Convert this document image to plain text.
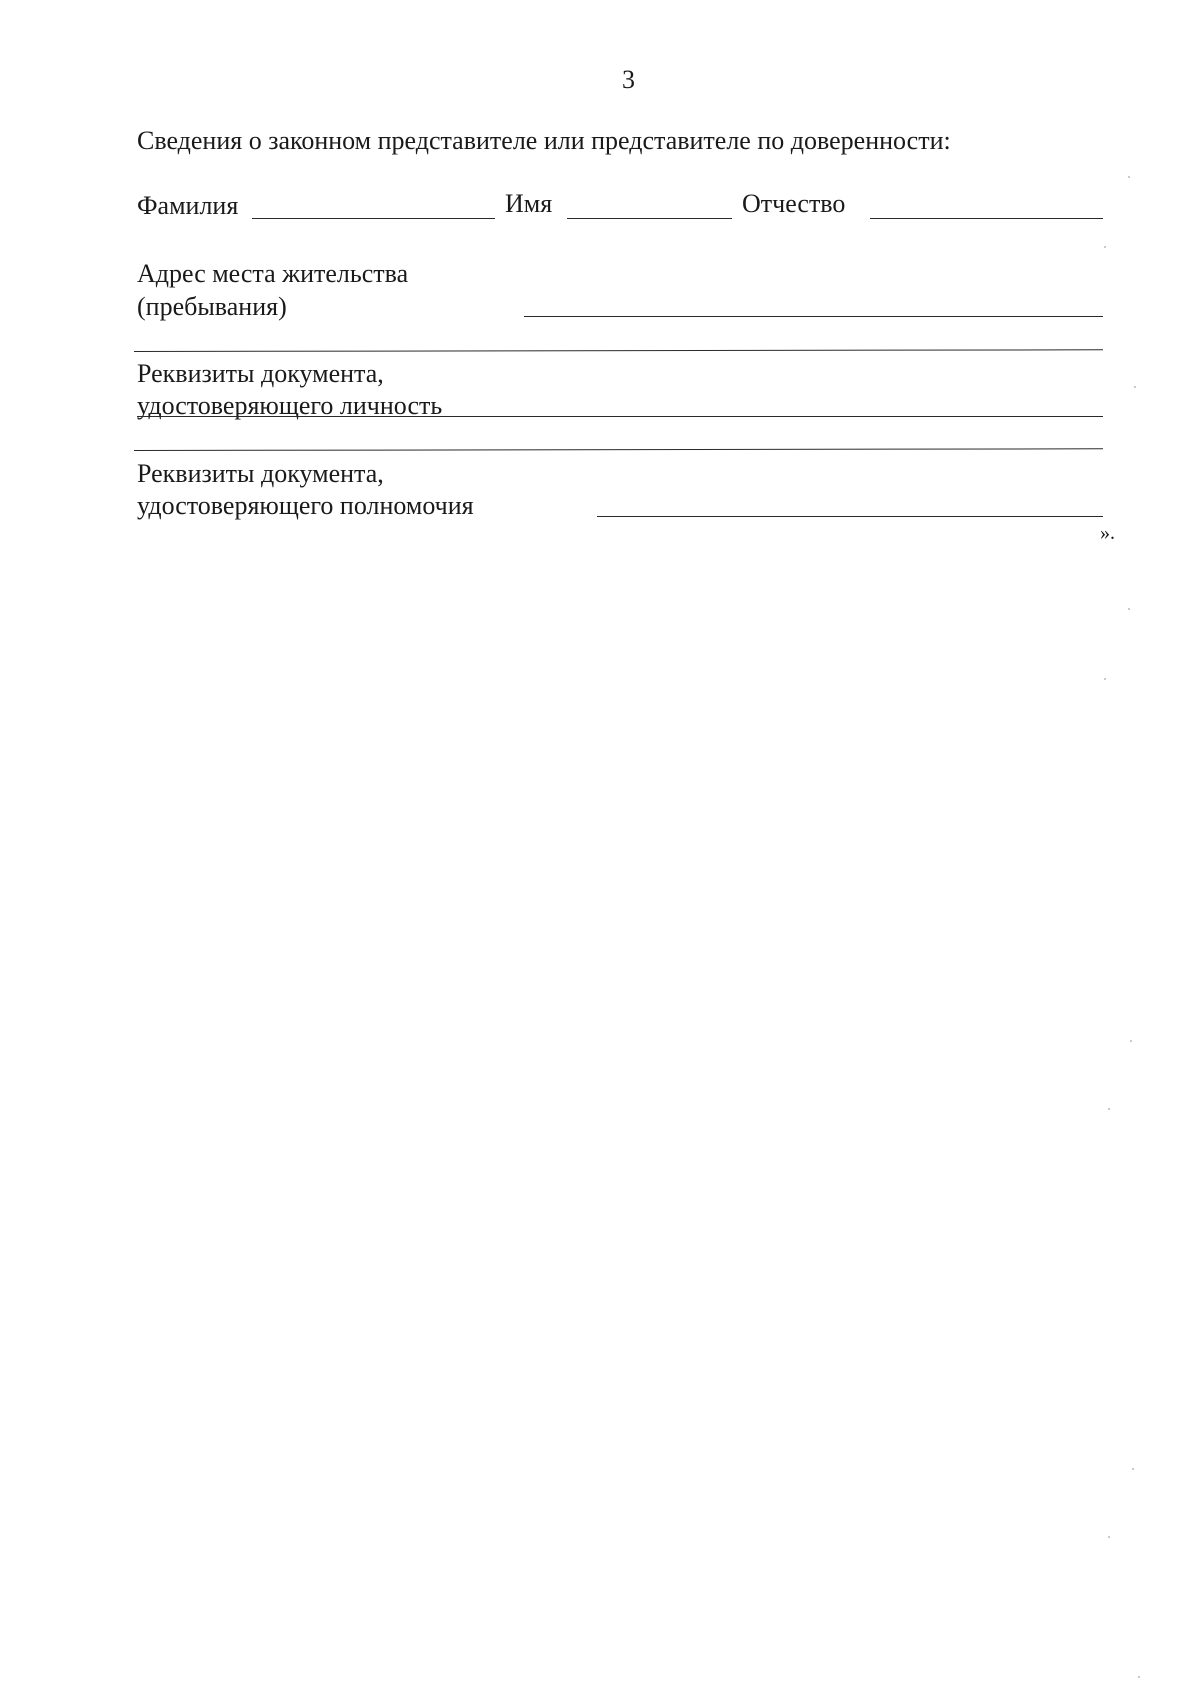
3
Сведения о законном представителе или представителе по доверенности:
Фамилия	Имя	Отчество
Адрес места жительства
(пребывания)
Реквизиты документа,
удостоверяющего личность
Реквизиты документа,
удостоверяющего полномочия
».
